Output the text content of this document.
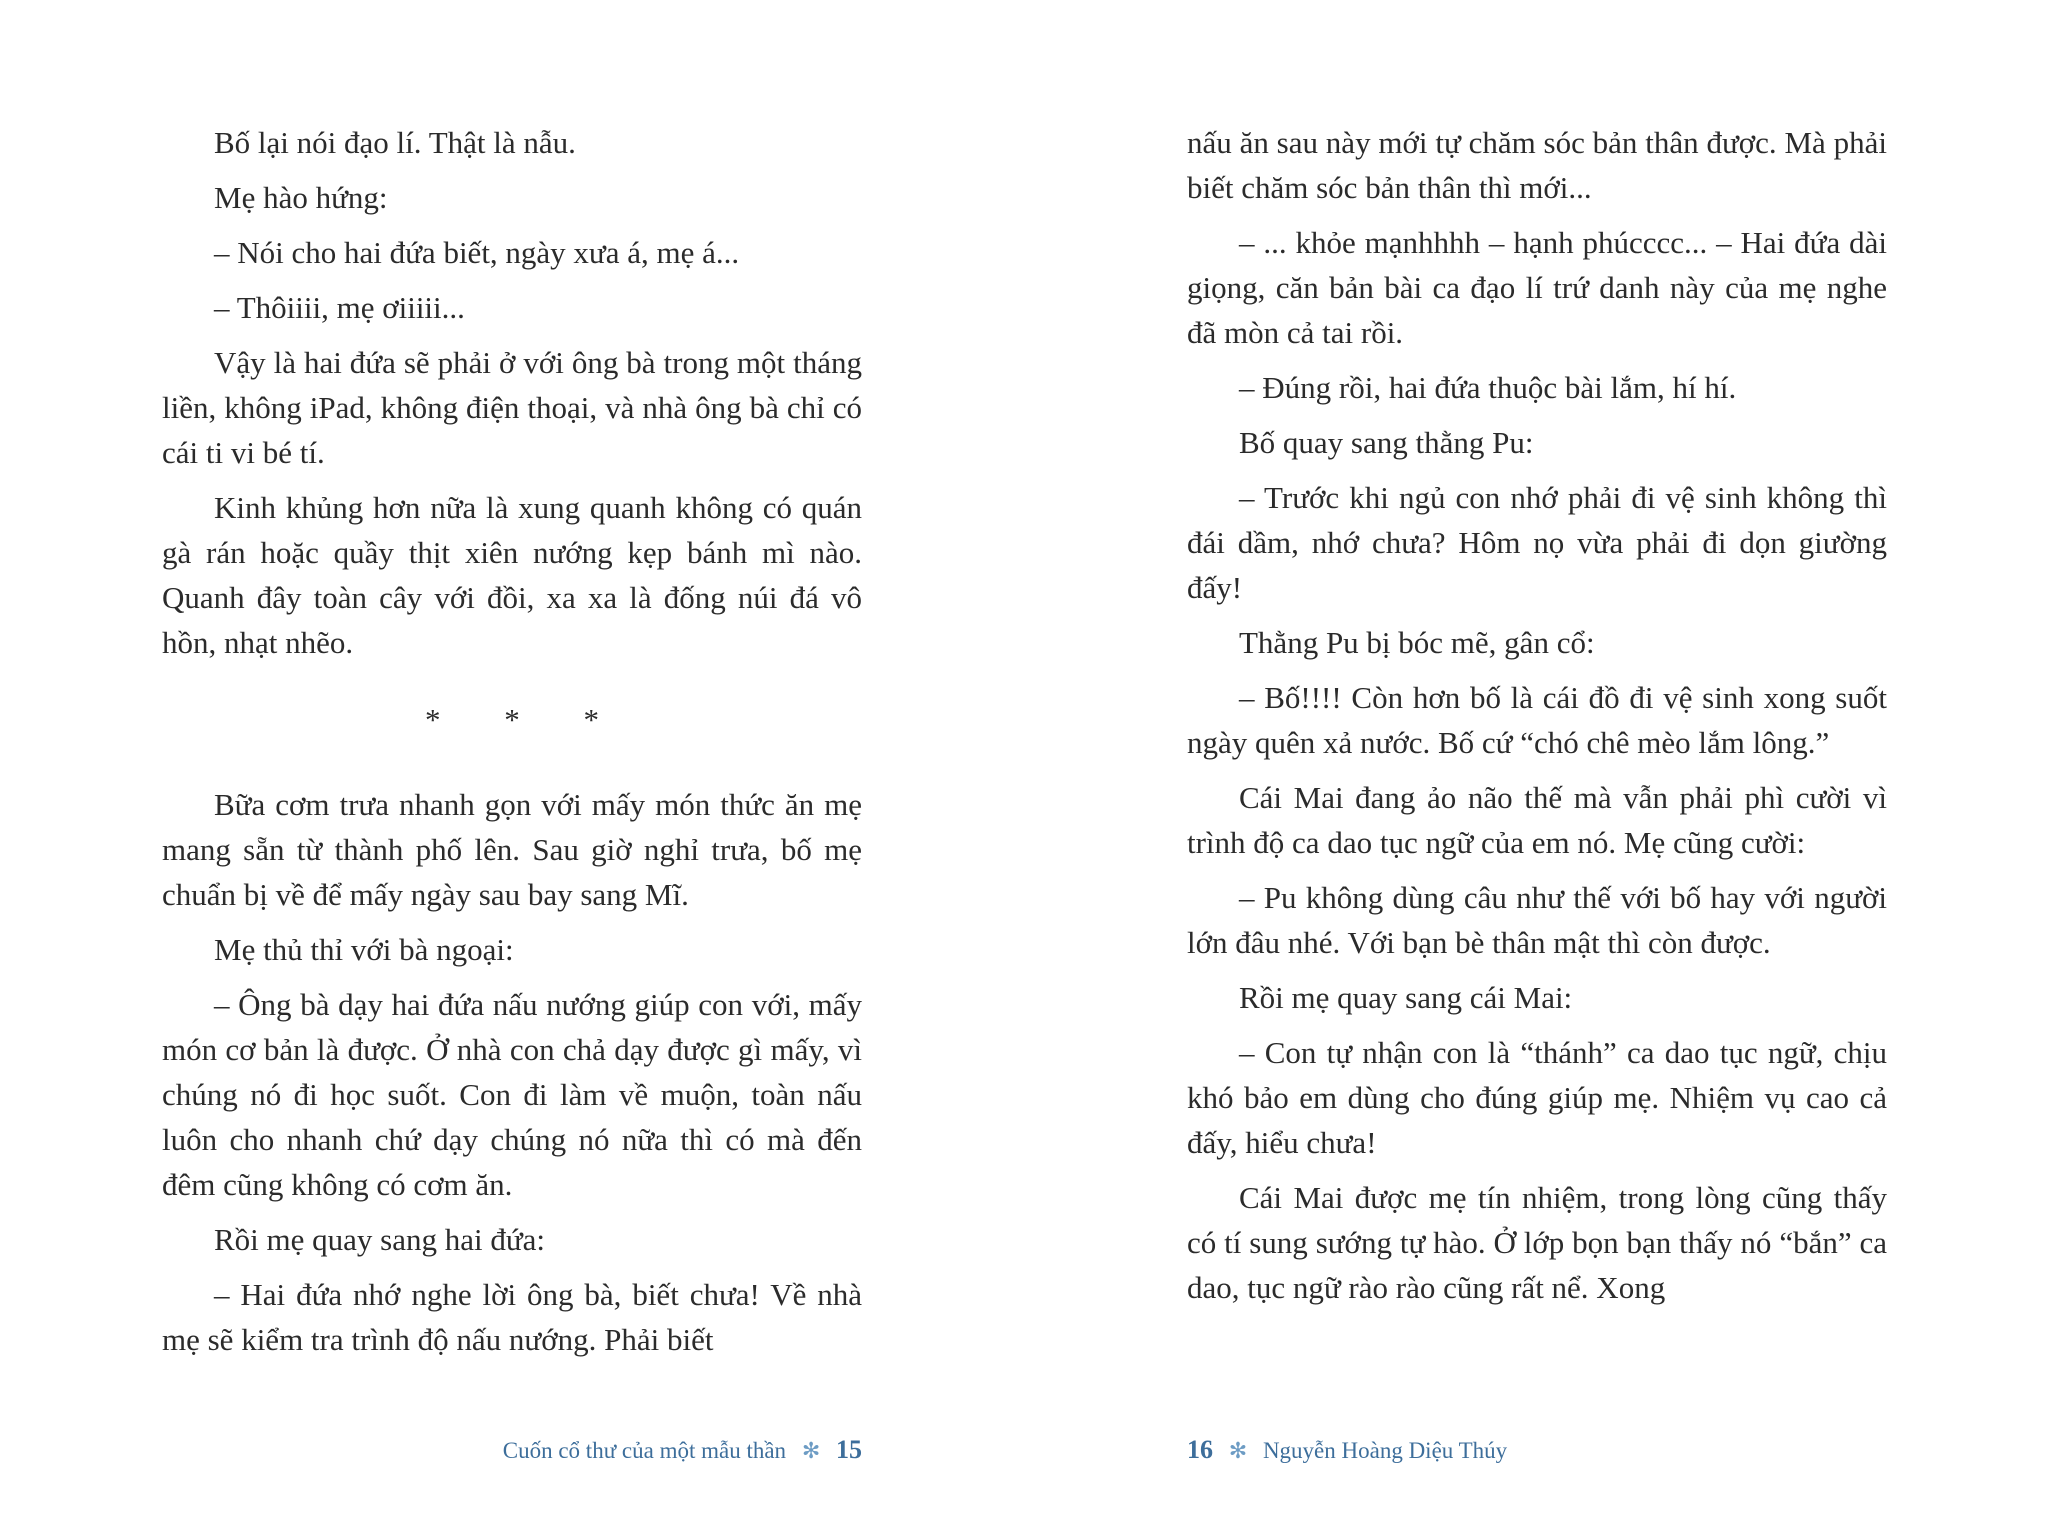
Bố lại nói đạo lí. Thật là nẫu.

Mẹ hào hứng:

– Nói cho hai đứa biết, ngày xưa á, mẹ á...

– Thôiiii, mẹ ơiiiii...

Vậy là hai đứa sẽ phải ở với ông bà trong một tháng liền, không iPad, không điện thoại, và nhà ông bà chỉ có cái ti vi bé tí.

Kinh khủng hơn nữa là xung quanh không có quán gà rán hoặc quầy thịt xiên nướng kẹp bánh mì nào. Quanh đây toàn cây với đồi, xa xa là đống núi đá vô hồn, nhạt nhẽo.

* * *

Bữa cơm trưa nhanh gọn với mấy món thức ăn mẹ mang sẵn từ thành phố lên. Sau giờ nghỉ trưa, bố mẹ chuẩn bị về để mấy ngày sau bay sang Mĩ.

Mẹ thủ thỉ với bà ngoại:

– Ông bà dạy hai đứa nấu nướng giúp con với, mấy món cơ bản là được. Ở nhà con chả dạy được gì mấy, vì chúng nó đi học suốt. Con đi làm về muộn, toàn nấu luôn cho nhanh chứ dạy chúng nó nữa thì có mà đến đêm cũng không có cơm ăn.

Rồi mẹ quay sang hai đứa:

– Hai đứa nhớ nghe lời ông bà, biết chưa! Về nhà mẹ sẽ kiểm tra trình độ nấu nướng. Phải biết

Cuốn cổ thư của một mẫu thần ✻ 15

nấu ăn sau này mới tự chăm sóc bản thân được. Mà phải biết chăm sóc bản thân thì mới...

– ... khỏe mạnhhhh – hạnh phúcccc... – Hai đứa dài giọng, căn bản bài ca đạo lí trứ danh này của mẹ nghe đã mòn cả tai rồi.

– Đúng rồi, hai đứa thuộc bài lắm, hí hí.

Bố quay sang thằng Pu:

– Trước khi ngủ con nhớ phải đi vệ sinh không thì đái dầm, nhớ chưa? Hôm nọ vừa phải đi dọn giường đấy!

Thằng Pu bị bóc mẽ, gân cổ:

– Bố!!!! Còn hơn bố là cái đồ đi vệ sinh xong suốt ngày quên xả nước. Bố cứ “chó chê mèo lắm lông.”

Cái Mai đang ảo não thế mà vẫn phải phì cười vì trình độ ca dao tục ngữ của em nó. Mẹ cũng cười:

– Pu không dùng câu như thế với bố hay với người lớn đâu nhé. Với bạn bè thân mật thì còn được.

Rồi mẹ quay sang cái Mai:

– Con tự nhận con là “thánh” ca dao tục ngữ, chịu khó bảo em dùng cho đúng giúp mẹ. Nhiệm vụ cao cả đấy, hiểu chưa!

Cái Mai được mẹ tín nhiệm, trong lòng cũng thấy có tí sung sướng tự hào. Ở lớp bọn bạn thấy nó “bắn” ca dao, tục ngữ rào rào cũng rất nể. Xong

16 ✻ Nguyễn Hoàng Diệu Thúy
